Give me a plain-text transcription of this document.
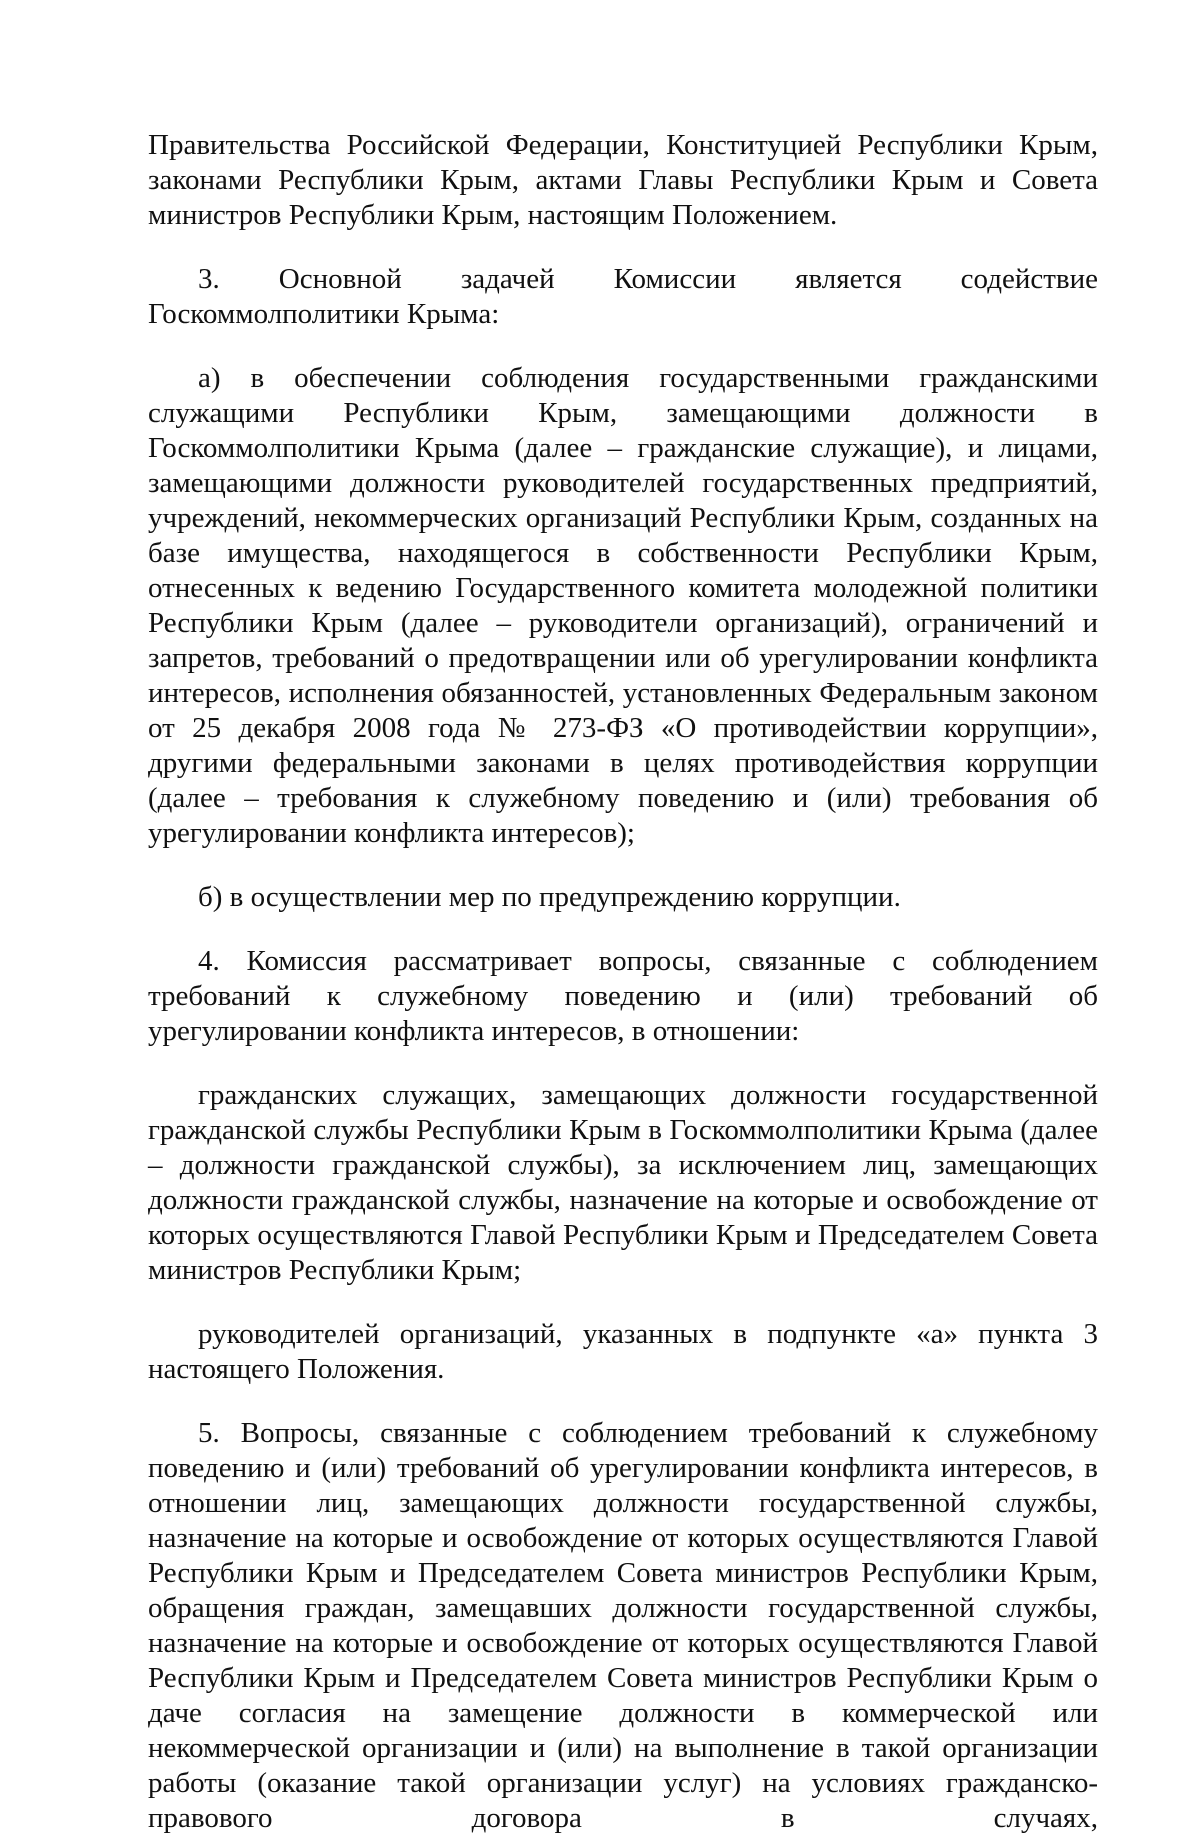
Правительства Российской Федерации, Конституцией Республики Крым, законами Республики Крым, актами Главы Республики Крым и Совета министров Республики Крым, настоящим Положением.

3. Основной задачей Комиссии является содействие Госкоммолполитики Крыма:

а) в обеспечении соблюдения государственными гражданскими служащими Республики Крым, замещающими должности в Госкоммолполитики Крыма (далее – гражданские служащие), и лицами, замещающими должности руководителей государственных предприятий, учреждений, некоммерческих организаций Республики Крым, созданных на базе имущества, находящегося в собственности Республики Крым, отнесенных к ведению Государственного комитета молодежной политики Республики Крым (далее – руководители организаций), ограничений и запретов, требований о предотвращении или об урегулировании конфликта интересов, исполнения обязанностей, установленных Федеральным законом от 25 декабря 2008 года № 273-ФЗ «О противодействии коррупции», другими федеральными законами в целях противодействия коррупции (далее – требования к служебному поведению и (или) требования об урегулировании конфликта интересов);

б) в осуществлении мер по предупреждению коррупции.

4. Комиссия рассматривает вопросы, связанные с соблюдением требований к служебному поведению и (или) требований об урегулировании конфликта интересов, в отношении:

гражданских служащих, замещающих должности государственной гражданской службы Республики Крым в Госкоммолполитики Крыма (далее – должности гражданской службы), за исключением лиц, замещающих должности гражданской службы, назначение на которые и освобождение от которых осуществляются Главой Республики Крым и Председателем Совета министров Республики Крым;

руководителей организаций, указанных в подпункте «а» пункта 3 настоящего Положения.

5. Вопросы, связанные с соблюдением требований к служебному поведению и (или) требований об урегулировании конфликта интересов, в отношении лиц, замещающих должности государственной службы, назначение на которые и освобождение от которых осуществляются Главой Республики Крым и Председателем Совета министров Республики Крым, обращения граждан, замещавших должности государственной службы, назначение на которые и освобождение от которых осуществляются Главой Республики Крым и Председателем Совета министров Республики Крым о даче согласия на замещение должности в коммерческой или некоммерческой организации и (или) на выполнение в такой организации работы (оказание такой организации услуг) на условиях гражданско-правового договора в случаях,
